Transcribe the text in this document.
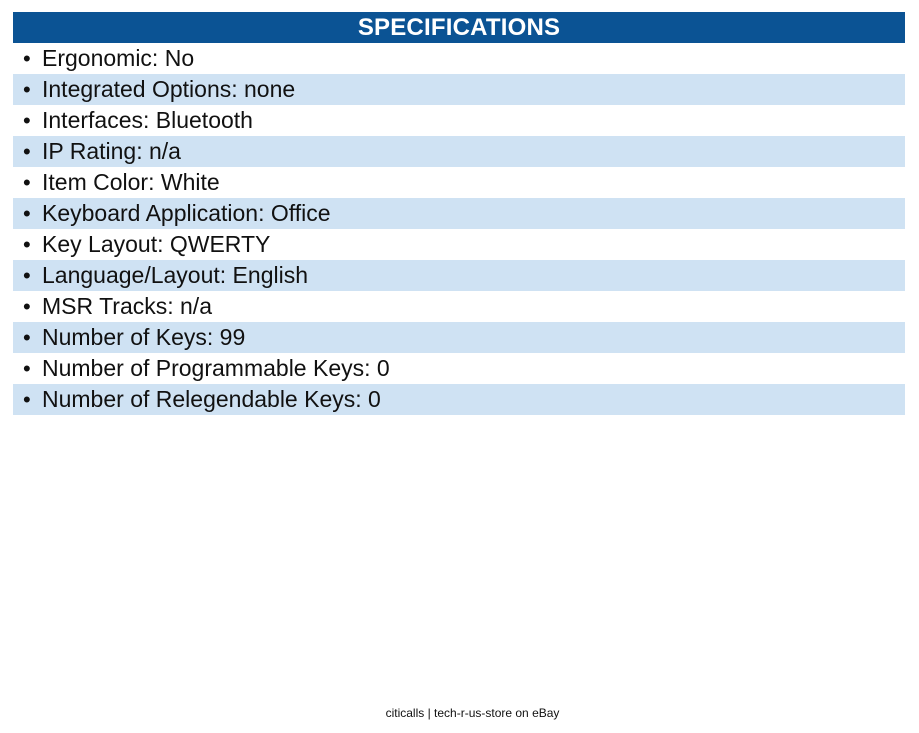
SPECIFICATIONS
• Ergonomic: No
• Integrated Options: none
• Interfaces: Bluetooth
• IP Rating: n/a
• Item Color: White
• Keyboard Application: Office
• Key Layout: QWERTY
• Language/Layout: English
• MSR Tracks: n/a
• Number of Keys: 99
• Number of Programmable Keys: 0
• Number of Relegendable Keys: 0
citicalls | tech-r-us-store on eBay
